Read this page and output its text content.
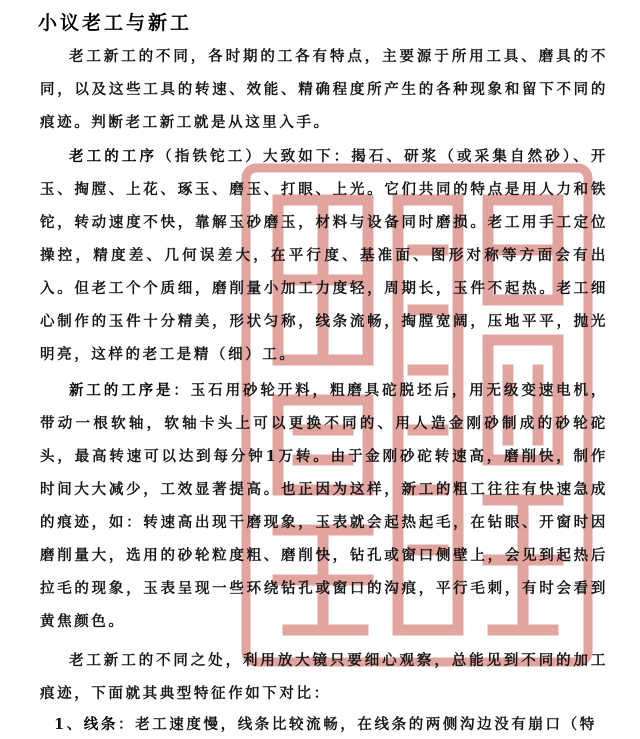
小议老工与新工

老工新工的不同，各时期的工各有特点，主要源于所用工具、磨具的不同，以及这些工具的转速、效能、精确程度所产生的各种现象和留下不同的痕迹。判断老工新工就是从这里入手。

老工的工序（指铁铊工）大致如下：揭石、研浆（或采集自然砂）、开玉、掏膛、上花、琢玉、磨玉、打眼、上光。它们共同的特点是用人力和铁铊，转动速度不快，靠解玉砂磨玉，材料与设备同时磨损。老工用手工定位操控，精度差、几何误差大，在平行度、基准面、图形对称等方面会有出入。但老工个个质细，磨削量小加工力度轻，周期长，玉件不起热。老工细心制作的玉件十分精美，形状匀称，线条流畅，掏膛宽阔，压地平平，抛光明亮，这样的老工是精（细）工。

新工的工序是：玉石用砂轮开料，粗磨具砣脱坯后，用无级变速电机，带动一根软轴，软轴卡头上可以更换不同的、用人造金刚砂制成的砂轮砣头，最高转速可以达到每分钟1万转。由于金刚砂砣转速高，磨削快，制作时间大大减少，工效显著提高。也正因为这样，新工的粗工往往有快速急成的痕迹，如：转速高出现干磨现象，玉表就会起热起毛，在钻眼、开窗时因磨削量大，选用的砂轮粒度粗、磨削快，钻孔或窗口侧壁上，会见到起热后拉毛的现象，玉表呈现一些环绕钻孔或窗口的沟痕，平行毛刺，有时会看到黄焦颜色。

老工新工的不同之处，利用放大镜只要细心观察，总能见到不同的加工痕迹，下面就其典型特征作如下对比：

1、线条：老工速度慢，线条比较流畅，在线条的两侧沟边没有崩口（特
